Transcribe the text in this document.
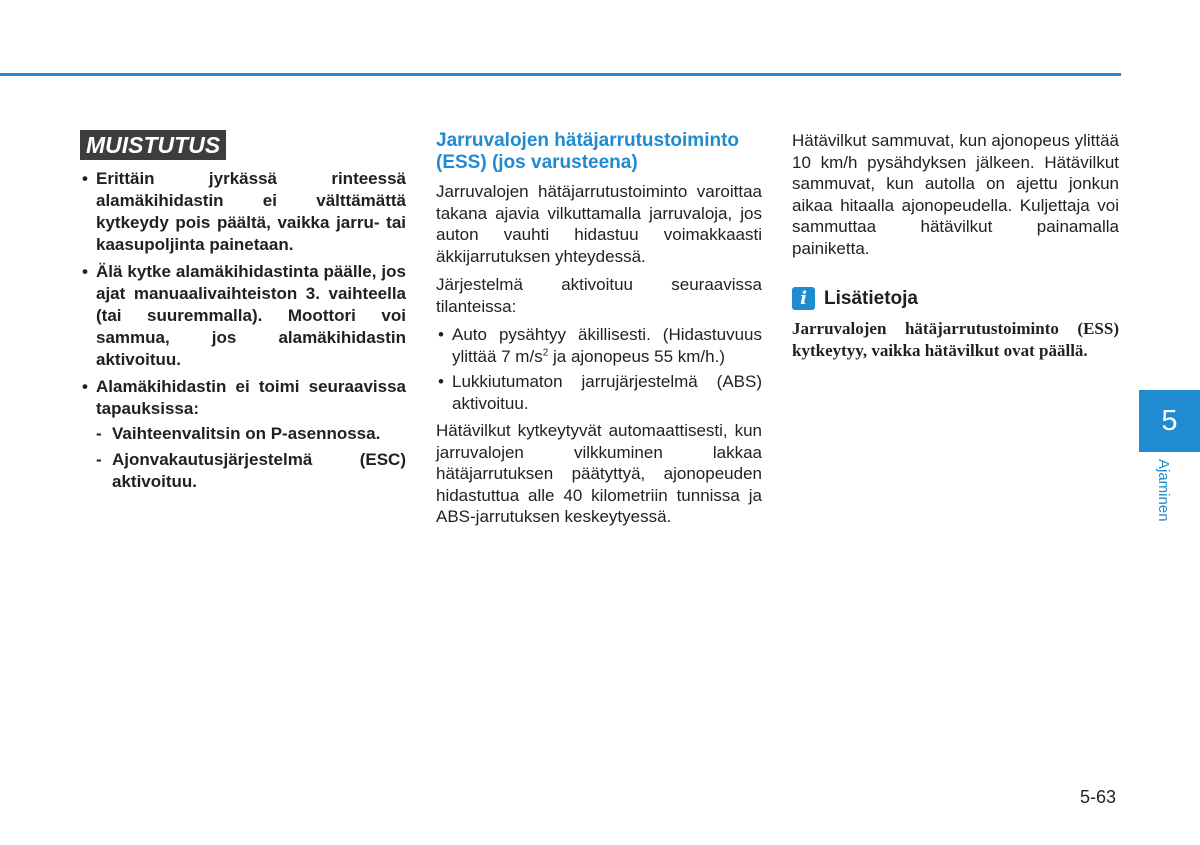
MUISTUTUS
• Erittäin jyrkässä rinteessä alamäkihidastin ei välttämättä kytkeydy pois päältä, vaikka jarru- tai kaasupoljinta painetaan.
• Älä kytke alamäkihidastinta päälle, jos ajat manuaalivaihteiston 3. vaihteella (tai suuremmalla). Moottori voi sammua, jos alamäkihidastin aktivoituu.
• Alamäkihidastin ei toimi seuraavissa tapauksissa:
- Vaihteenvalitsin on P-asennossa.
- Ajonvakautusjärjestelmä (ESC) aktivoituu.
Jarruvalojen hätäjarrutustoiminto (ESS) (jos varusteena)

Jarruvalojen hätäjarrutustoiminto varoittaa takana ajavia vilkuttamalla jarruvaloja, jos auton vauhti hidastuu voimakkaasti äkkijarrutuksen yhteydessä.

Järjestelmä aktivoituu seuraavissa tilanteissa:

• Auto pysähtyy äkillisesti. (Hidastuvuus ylittää 7 $m/s^2$ ja ajonopeus 55 km/h.)
• Lukkiutumaton jarrujärjestelmä (ABS) aktivoituu.

Hätävilkut kytkeytyvät automaattisesti, kun jarruvalojen vilkkuminen lakkaa hätäjarrutuksen päätyttyä, ajonopeuden hidastuttua alle 40 kilometriin tunnissa ja ABS-jarrutuksen keskeytyessä.

Hätävilkut sammuvat, kun ajonopeus ylittää 10 km/h pysähdyksen jälkeen. Hätävilkut sammuvat, kun autolla on ajettu jonkun aikaa hitaalla ajonopeudella. Kuljettaja voi sammuttaa hätävilkut painamalla painiketta.

i Lisätietoja

Jarruvalojen hätäjarrutustoiminto (ESS) kytkeytyy, vaikka hätävilkut ovat päällä.

5
Ajaminen
5-63
